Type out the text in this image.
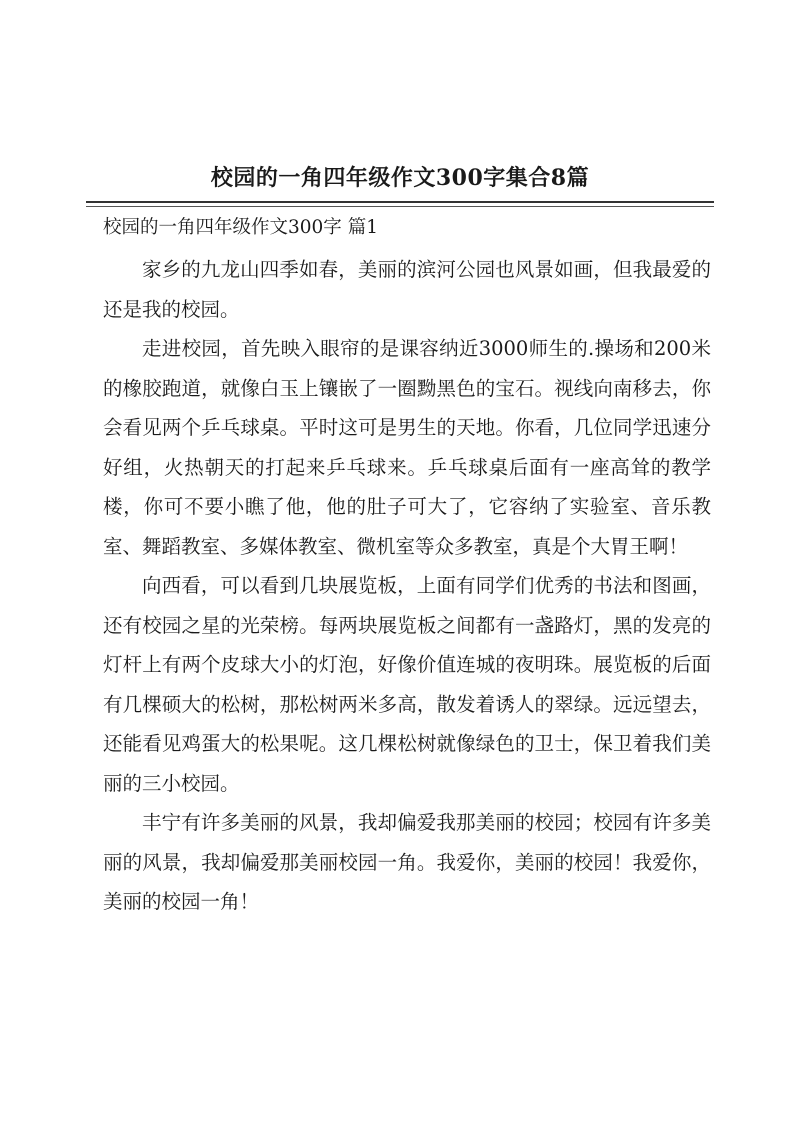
校园的一角四年级作文300字集合8篇
校园的一角四年级作文300字 篇1

家乡的九龙山四季如春，美丽的滨河公园也风景如画，但我最爱的还是我的校园。

走进校园，首先映入眼帘的是课容纳近3000师生的.操场和200米的橡胶跑道，就像白玉上镶嵌了一圈黝黑色的宝石。视线向南移去，你会看见两个乒乓球桌。平时这可是男生的天地。你看，几位同学迅速分好组，火热朝天的打起来乒乓球来。乒乓球桌后面有一座高耸的教学楼，你可不要小瞧了他，他的肚子可大了，它容纳了实验室、音乐教室、舞蹈教室、多媒体教室、微机室等众多教室，真是个大胃王啊！

向西看，可以看到几块展览板，上面有同学们优秀的书法和图画，还有校园之星的光荣榜。每两块展览板之间都有一盏路灯，黑的发亮的灯杆上有两个皮球大小的灯泡，好像价值连城的夜明珠。展览板的后面有几棵硕大的松树，那松树两米多高，散发着诱人的翠绿。远远望去，还能看见鸡蛋大的松果呢。这几棵松树就像绿色的卫士，保卫着我们美丽的三小校园。

丰宁有许多美丽的风景，我却偏爱我那美丽的校园；校园有许多美丽的风景，我却偏爱那美丽校园一角。我爱你，美丽的校园！我爱你，美丽的校园一角！
